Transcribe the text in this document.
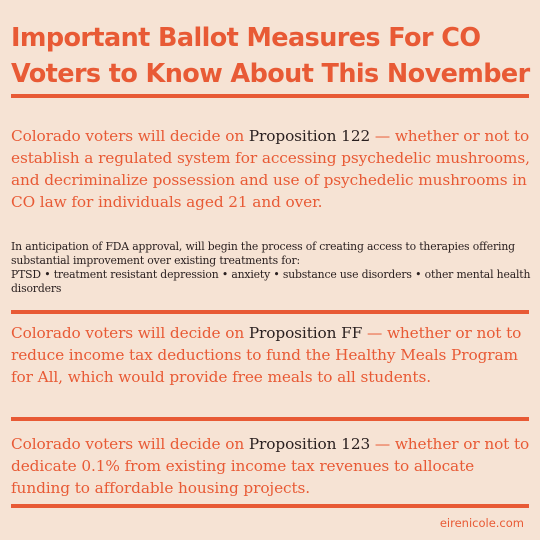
Important Ballot Measures For CO
Voters to Know About This November
Colorado voters will decide on Proposition 122 — whether or not to establish a regulated system for accessing psychedelic mushrooms, and decriminalize possession and use of psychedelic mushrooms in CO law for individuals aged 21 and over.
In anticipation of FDA approval, will begin the process of creating access to therapies offering substantial improvement over existing treatments for:
PTSD • treatment resistant depression • anxiety • substance use disorders • other mental health disorders
Colorado voters will decide on Proposition FF — whether or not to reduce income tax deductions to fund the Healthy Meals Program for All, which would provide free meals to all students.
Colorado voters will decide on Proposition 123 — whether or not to dedicate 0.1% from existing income tax revenues to allocate funding to affordable housing projects.
eirenicole.com
